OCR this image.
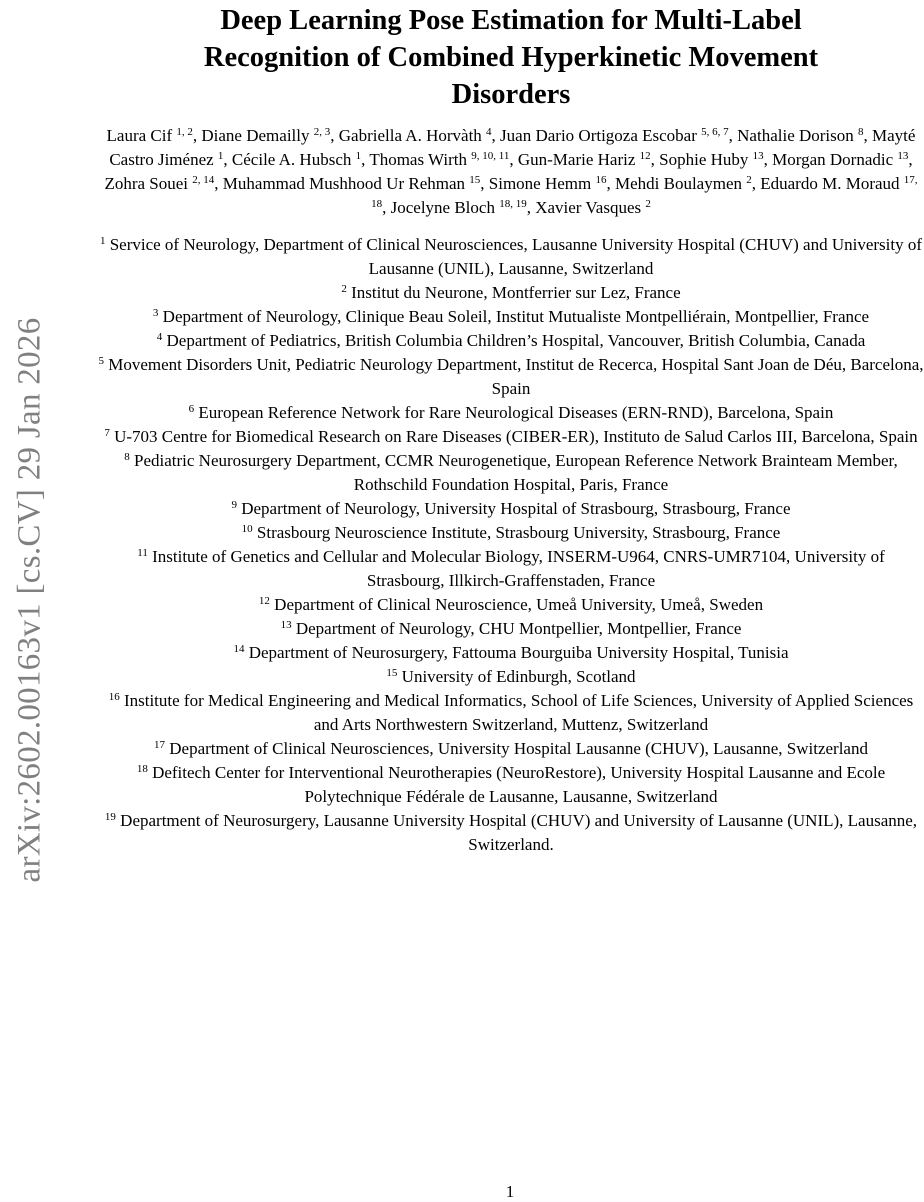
arXiv:2602.00163v1 [cs.CV] 29 Jan 2026
Deep Learning Pose Estimation for Multi-Label
Recognition of Combined Hyperkinetic Movement
Disorders
Laura Cif $^{1, 2}$, Diane Demailly $^{2, 3}$, Gabriella A. Horvàth $^4$, Juan Dario Ortigoza Escobar $^{5, 6, 7}$, Nathalie Dorison $^8$, Mayté Castro Jiménez $^1$, Cécile A. Hubsch $^1$, Thomas Wirth $^{9, 10, 11}$, Gun-Marie Hariz $^{12}$, Sophie Huby $^{13}$, Morgan Dornadic $^{13}$, Zohra Souei $^{2, 14}$, Muhammad Mushhood Ur Rehman $^{15}$, Simone Hemm $^{16}$, Mehdi Boulaymen $^2$, Eduardo M. Moraud $^{17, 18}$, Jocelyne Bloch $^{18, 19}$, Xavier Vasques $^2$
$^1$ Service of Neurology, Department of Clinical Neurosciences, Lausanne University Hospital (CHUV) and University of Lausanne (UNIL), Lausanne, Switzerland
$^2$ Institut du Neurone, Montferrier sur Lez, France
$^3$ Department of Neurology, Clinique Beau Soleil, Institut Mutualiste Montpelliérain, Montpellier, France
$^4$ Department of Pediatrics, British Columbia Children’s Hospital, Vancouver, British Columbia, Canada
$^5$ Movement Disorders Unit, Pediatric Neurology Department, Institut de Recerca, Hospital Sant Joan de Déu, Barcelona, Spain
$^6$ European Reference Network for Rare Neurological Diseases (ERN-RND), Barcelona, Spain
$^7$ U-703 Centre for Biomedical Research on Rare Diseases (CIBER-ER), Instituto de Salud Carlos III, Barcelona, Spain
$^8$ Pediatric Neurosurgery Department, CCMR Neurogenetique, European Reference Network Brainteam Member, Rothschild Foundation Hospital, Paris, France
$^9$ Department of Neurology, University Hospital of Strasbourg, Strasbourg, France
$^{10}$ Strasbourg Neuroscience Institute, Strasbourg University, Strasbourg, France
$^{11}$ Institute of Genetics and Cellular and Molecular Biology, INSERM-U964, CNRS-UMR7104, University of Strasbourg, Illkirch-Graffenstaden, France
$^{12}$ Department of Clinical Neuroscience, Umeå University, Umeå, Sweden
$^{13}$ Department of Neurology, CHU Montpellier, Montpellier, France
$^{14}$ Department of Neurosurgery, Fattouma Bourguiba University Hospital, Tunisia
$^{15}$ University of Edinburgh, Scotland
$^{16}$ Institute for Medical Engineering and Medical Informatics, School of Life Sciences, University of Applied Sciences and Arts Northwestern Switzerland, Muttenz, Switzerland
$^{17}$ Department of Clinical Neurosciences, University Hospital Lausanne (CHUV), Lausanne, Switzerland
$^{18}$ Defitech Center for Interventional Neurotherapies (NeuroRestore), University Hospital Lausanne and Ecole Polytechnique Fédérale de Lausanne, Lausanne, Switzerland
$^{19}$ Department of Neurosurgery, Lausanne University Hospital (CHUV) and University of Lausanne (UNIL), Lausanne, Switzerland.
1
